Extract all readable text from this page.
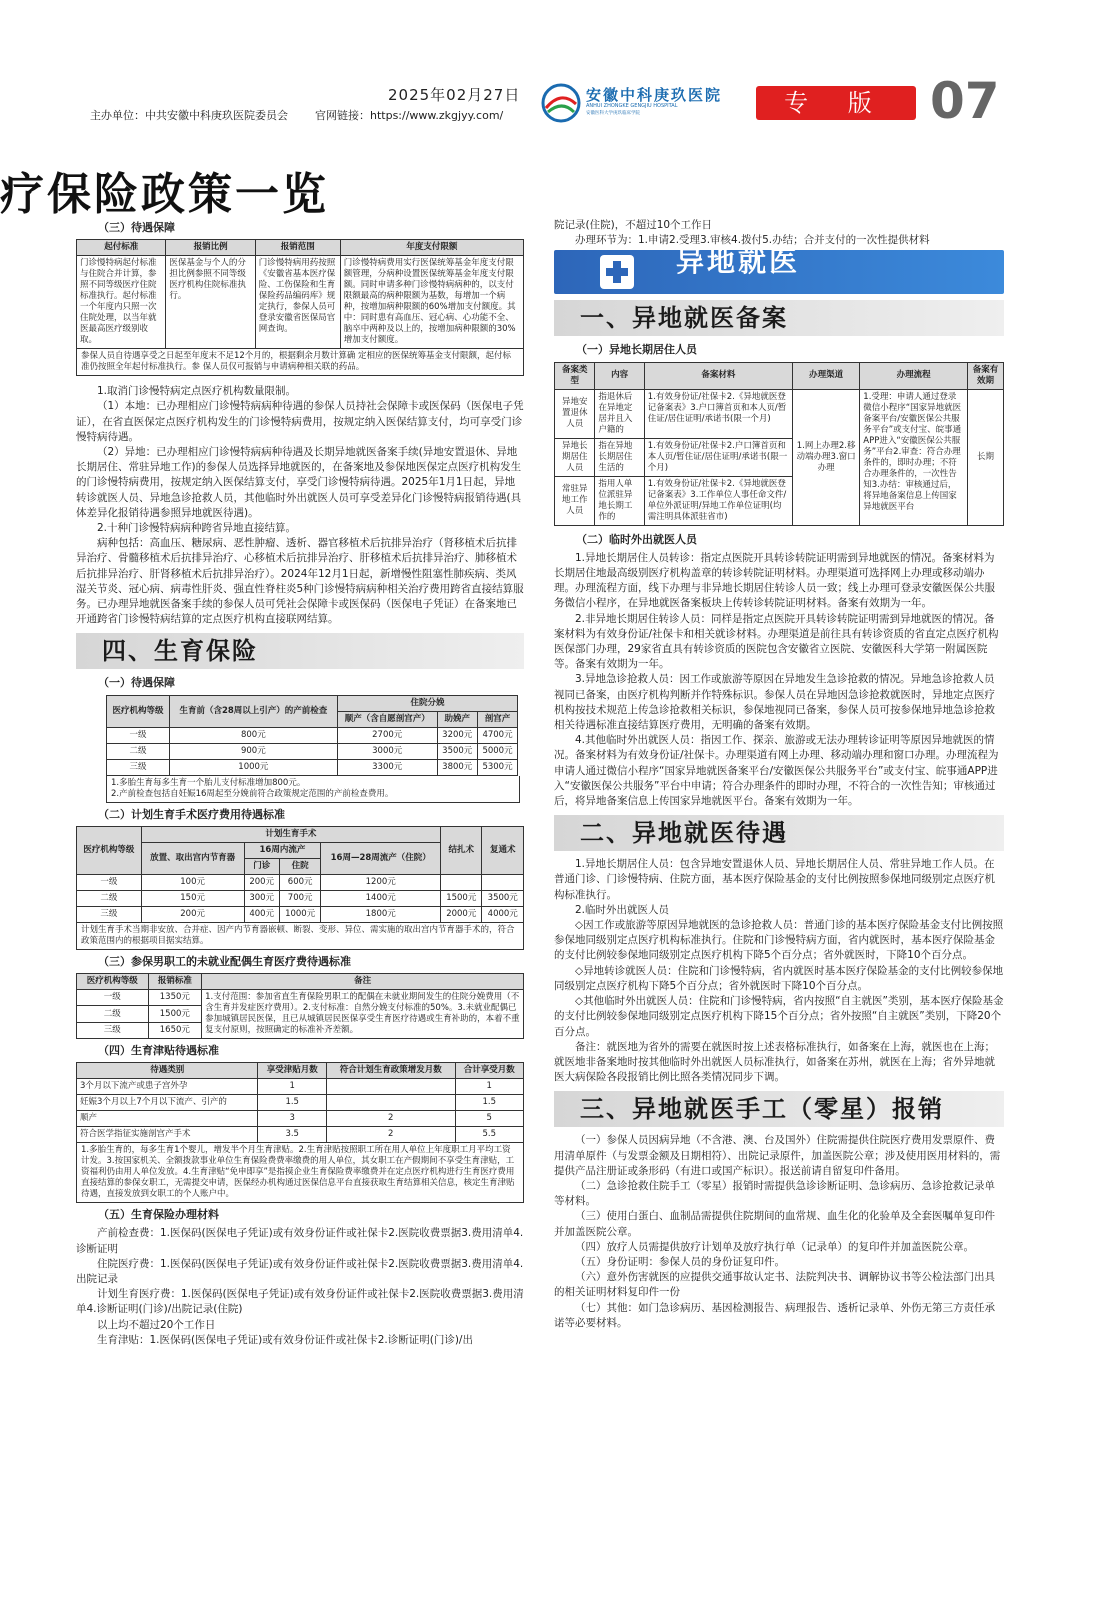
2025年02月27日
主办单位：中共安徽中科庚玖医院委员会 官网链接：https://www.zkgjyy.com/
安徽中科庚玖医院
ANHUI ZHONGKE GENGJIU HOSPITAL
安徽医科大学庚玖临床学院	专 版 07
疗保险政策一览
（三）待遇保障
起付标准	报销比例	报销范围	年度支付限额
门诊慢特病起付标准与住院合并计算，参照不同等级医疗住院标准执行。起付标准一个年度内只照一次住院处理，以当年就医最高医疗级别收取。	医保基金与个人的分担比例参照不同等级医疗机构住院标准执行。	门诊慢特病用药按照《安徽省基本医疗保险、工伤保险和生育保险药品编码库》规定执行，参保人员可登录安徽省医保局官网查询。	门诊慢特病费用实行医保统筹基金年度支付限额管理，分病种设置医保统筹基金年度支付限额。同时申请多种门诊慢特病病种的，以支付限额最高的病种限额为基数，每增加一个病种，按增加病种限额的60%增加支付额度。其中：同时患有高血压、冠心病、心功能不全、脑卒中两种及以上的，按增加病种限额的30%增加支付额度。
参保人员自待遇享受之日起至年度末不足12个月的，根据剩余月数计算确 定相应的医保统筹基金支付限额，起付标准仍按照全年起付标准执行。参 保人员仅可报销与申请病种相关联的药品。

1.取消门诊慢特病定点医疗机构数量限制。

（1）本地：已办理相应门诊慢特病病种待遇的参保人员持社会保障卡或医保码（医保电子凭证），在省直医保定点医疗机构发生的门诊慢特病费用，按规定纳入医保结算支付，均可享受门诊慢特病待遇。

（2）异地：已办理相应门诊慢特病病种待遇及长期异地就医备案手续(异地安置退休、异地长期居住、常驻异地工作)的参保人员选择异地就医的，在备案地及参保地医保定点医疗机构发生的门诊慢特病费用，按规定纳入医保结算支付，享受门诊慢特病待遇。2025年1月1日起，异地转诊就医人员、异地急诊抢救人员，其他临时外出就医人员可享受差异化门诊慢特病报销待遇(具体差异化报销待遇参照异地就医待遇)。

2.十种门诊慢特病病种跨省异地直接结算。

病种包括：高血压、糖尿病、恶性肿瘤、透析、器官移植术后抗排异治疗（肾移植术后抗排异治疗、骨髓移植术后抗排异治疗、心移植术后抗排异治疗、肝移植术后抗排异治疗、肺移植术后抗排异治疗、肝肾移植术后抗排异治疗）。2024年12月1日起，新增慢性阻塞性肺疾病、类风湿关节炎、冠心病、病毒性肝炎、强直性脊柱炎5种门诊慢特病病种相关治疗费用跨省直接结算服务。已办理异地就医备案手续的参保人员可凭社会保障卡或医保码（医保电子凭证）在备案地已开通跨省门诊慢特病结算的定点医疗机构直接联网结算。

四、生育保险
（一）待遇保障
医疗机构等级	生育前（含28周以上引产）的产前检查	住院分娩		
		顺产（含自愿剖宫产）	助娩产	剖宫产
一级	800元	2700元	3200元	4700元
二级	900元	3000元	3500元	5000元
三级	1000元	3300元	3800元	5300元
1.多胎生育每多生育一个胎儿支付标准增加800元。
2.产前检查包括自妊娠16周起至分娩前符合政策规定范围的产前检查费用。
（二）计划生育手术医疗费用待遇标准
医疗机构等级	计划生育手术				结扎术	复通术
	放置、取出宫内节育器	16周内流产		16周—28周流产（住院）		
		门诊	住院			
一级	100元	200元	600元	1200元		
二级	150元	300元	700元	1400元	1500元	3500元
三级	200元	400元	1000元	1800元	2000元	4000元
计划生育手术当期非安放、合并症、因产内节育器嵌顿、断裂、变形、异位、需实施的取出宫内节育器手术的，符合政策范围内的根据项目据实结算。
（三）参保男职工的未就业配偶生育医疗费待遇标准
医疗机构等级	报销标准	备注
一级	1350元	1.支付范围：参加省直生育保险男职工的配偶在未就业期间发生的住院分娩费用（不含生育并发症医疗费用）。2.支付标准：自然分娩支付标准的50%。3.未就业配偶已参加城镇居民医保，且已从城镇居民医保享受生育医疗待遇或生育补助的，本着不重复支付原则，按照确定的标准补齐差额。
二级	1500元	
三级	1650元	
（四）生育津贴待遇标准
待遇类别	享受津贴月数	符合计划生育政策增发月数	合计享受月数
3个月以下流产或患子宫外孕	1		1
妊娠3个月以上7个月以下流产、引产的	1.5		1.5
顺产	3	2	5
符合医学指征实施剖宫产手术	3.5	2	5.5
1.多胎生育的，每多生育1个婴儿，增发半个月生育津贴。2.生育津贴按照职工所在用人单位上年度职工月平均工资计发。3.按国家机关、全额拨款事业单位生育保险费费率缴费的用人单位，其女职工在产假期间不享受生育津贴，工资福利仍由用人单位发放。4.生育津贴“免申即享”是指摸企业生育保险费率缴费并在定点医疗机构进行生育医疗费用直接结算的参保女职工，无需提交申请，医保经办机构通过医保信息平台直接获取生育结算相关信息，核定生育津贴待遇，直接发放到女职工的个人账户中。
（五）生育保险办理材料

产前检查费：1.医保码(医保电子凭证)或有效身份证件或社保卡2.医院收费票据3.费用清单4.诊断证明

住院医疗费：1.医保码(医保电子凭证)或有效身份证件或社保卡2.医院收费票据3.费用清单4.出院记录

计划生育医疗费：1.医保码(医保电子凭证)或有效身份证件或社保卡2.医院收费票据3.费用清单4.诊断证明(门诊)/出院记录(住院)

以上均不超过20个工作日

生育津贴：1.医保码(医保电子凭证)或有效身份证件或社保卡2.诊断证明(门诊)/出

院记录(住院)，不超过10个工作日

办理环节为：1.申请2.受理3.审核4.拨付5.办结；合并支付的一次性提供材料

异地就医
一、异地就医备案
（一）异地长期居住人员
备案类型	内容	备案材料	办理渠道	办理流程	备案有效期
异地安置退休人员	指退休后在异地定居并且入户籍的	1.有效身份证/社保卡2.《异地就医登记备案表》3.户口簿首页和本人页/暂住证/居住证明/承诺书(限一个月)	1.网上办理2.移动端办理3.窗口办理	1.受理：申请人通过登录微信小程序“国家异地就医备案平台/安徽医保公共服务平台”或支付宝、皖事通APP进入“安徽医保公共服务”平台2.审查：符合办理条件的，即时办理；不符合办理条件的，一次性告知3.办结：审核通过后，将异地备案信息上传国家异地就医平台	长期
异地长期居住人员	指在异地长期居住生活的	1.有效身份证/社保卡2.户口簿首页和本人页/暂住证/居住证明/承诺书(限一个月)			
常驻异地工作人员	指用人单位派驻异地长期工作的	1.有效身份证/社保卡2.《异地就医登记备案表》3.工作单位人事任命文件/单位外派证明/异地工作单位证明(均需注明具体派驻省市)			
（二）临时外出就医人员

1.异地长期居住人员转诊：指定点医院开具转诊转院证明需到异地就医的情况。备案材料为长期居住地最高级别医疗机构盖章的转诊转院证明材料。办理渠道可选择网上办理或移动端办理。办理流程方面，线下办理与非异地长期居住转诊人员一致；线上办理可登录安徽医保公共服务微信小程序，在异地就医备案板块上传转诊转院证明材料。备案有效期为一年。

2.非异地长期居住转诊人员：同样是指定点医院开具转诊转院证明需到异地就医的情况。备案材料为有效身份证/社保卡和相关就诊材料。办理渠道是前往具有转诊资质的省直定点医疗机构医保部门办理，29家省直具有转诊资质的医院包含安徽省立医院、安徽医科大学第一附属医院等。备案有效期为一年。

3.异地急诊抢救人员：因工作或旅游等原因在异地发生急诊抢救的情况。异地急诊抢救人员视同已备案，由医疗机构判断并作特殊标识。参保人员在异地因急诊抢救就医时，异地定点医疗机构按技术规范上传急诊抢救相关标识，参保地视同已备案，参保人员可按参保地异地急诊抢救相关待遇标准直接结算医疗费用，无明确的备案有效期。

4.其他临时外出就医人员：指因工作、探亲、旅游或无法办理转诊证明等原因异地就医的情况。备案材料为有效身份证/社保卡。办理渠道有网上办理、移动端办理和窗口办理。办理流程为申请人通过微信小程序“国家异地就医备案平台/安徽医保公共服务平台”或支付宝、皖事通APP进入“安徽医保公共服务”平台中申请；符合办理条件的即时办理，不符合的一次性告知；审核通过后，将异地备案信息上传国家异地就医平台。备案有效期为一年。

二、异地就医待遇

1.异地长期居住人员：包含异地安置退休人员、异地长期居住人员、常驻异地工作人员。在普通门诊、门诊慢特病、住院方面，基本医疗保险基金的支付比例按照参保地同级别定点医疗机构标准执行。

2.临时外出就医人员

◇因工作或旅游等原因异地就医的急诊抢救人员：普通门诊的基本医疗保险基金支付比例按照参保地同级别定点医疗机构标准执行。住院和门诊慢特病方面，省内就医时，基本医疗保险基金的支付比例较参保地同级别定点医疗机构下降5个百分点；省外就医时，下降10个百分点。

◇异地转诊就医人员：住院和门诊慢特病，省内就医时基本医疗保险基金的支付比例较参保地同级别定点医疗机构下降5个百分点；省外就医时下降10个百分点。

◇其他临时外出就医人员：住院和门诊慢特病，省内按照“自主就医”类别，基本医疗保险基金的支付比例较参保地同级别定点医疗机构下降15个百分点；省外按照“自主就医”类别，下降20个百分点。

备注：就医地为省外的需要在就医时按上述表格标准执行，如备案在上海，就医也在上海；就医地非备案地时按其他临时外出就医人员标准执行，如备案在苏州，就医在上海；省外异地就医大病保险各段报销比例比照各类情况同步下调。

三、异地就医手工（零星）报销

（一）参保人员因病异地（不含港、澳、台及国外）住院需提供住院医疗费用发票原件、费用清单原件（与发票金额及日期相符）、出院记录原件，加盖医院公章；涉及使用医用材料的，需提供产品注册证或条形码（有进口或国产标识）。报送前请自留复印件备用。

（二）急诊抢救住院手工（零星）报销时需提供急诊诊断证明、急诊病历、急诊抢救记录单等材料。

（三）使用白蛋白、血制品需提供住院期间的血常规、血生化的化验单及全套医嘱单复印件并加盖医院公章。

（四）放疗人员需提供放疗计划单及放疗执行单（记录单）的复印件并加盖医院公章。

（五）身份证明：参保人员的身份证复印件。

（六）意外伤害就医的应提供交通事故认定书、法院判决书、调解协议书等公检法部门出具的相关证明材料复印件一份

（七）其他：如门急诊病历、基因检测报告、病理报告、透析记录单、外伤无第三方责任承诺等必要材料。
